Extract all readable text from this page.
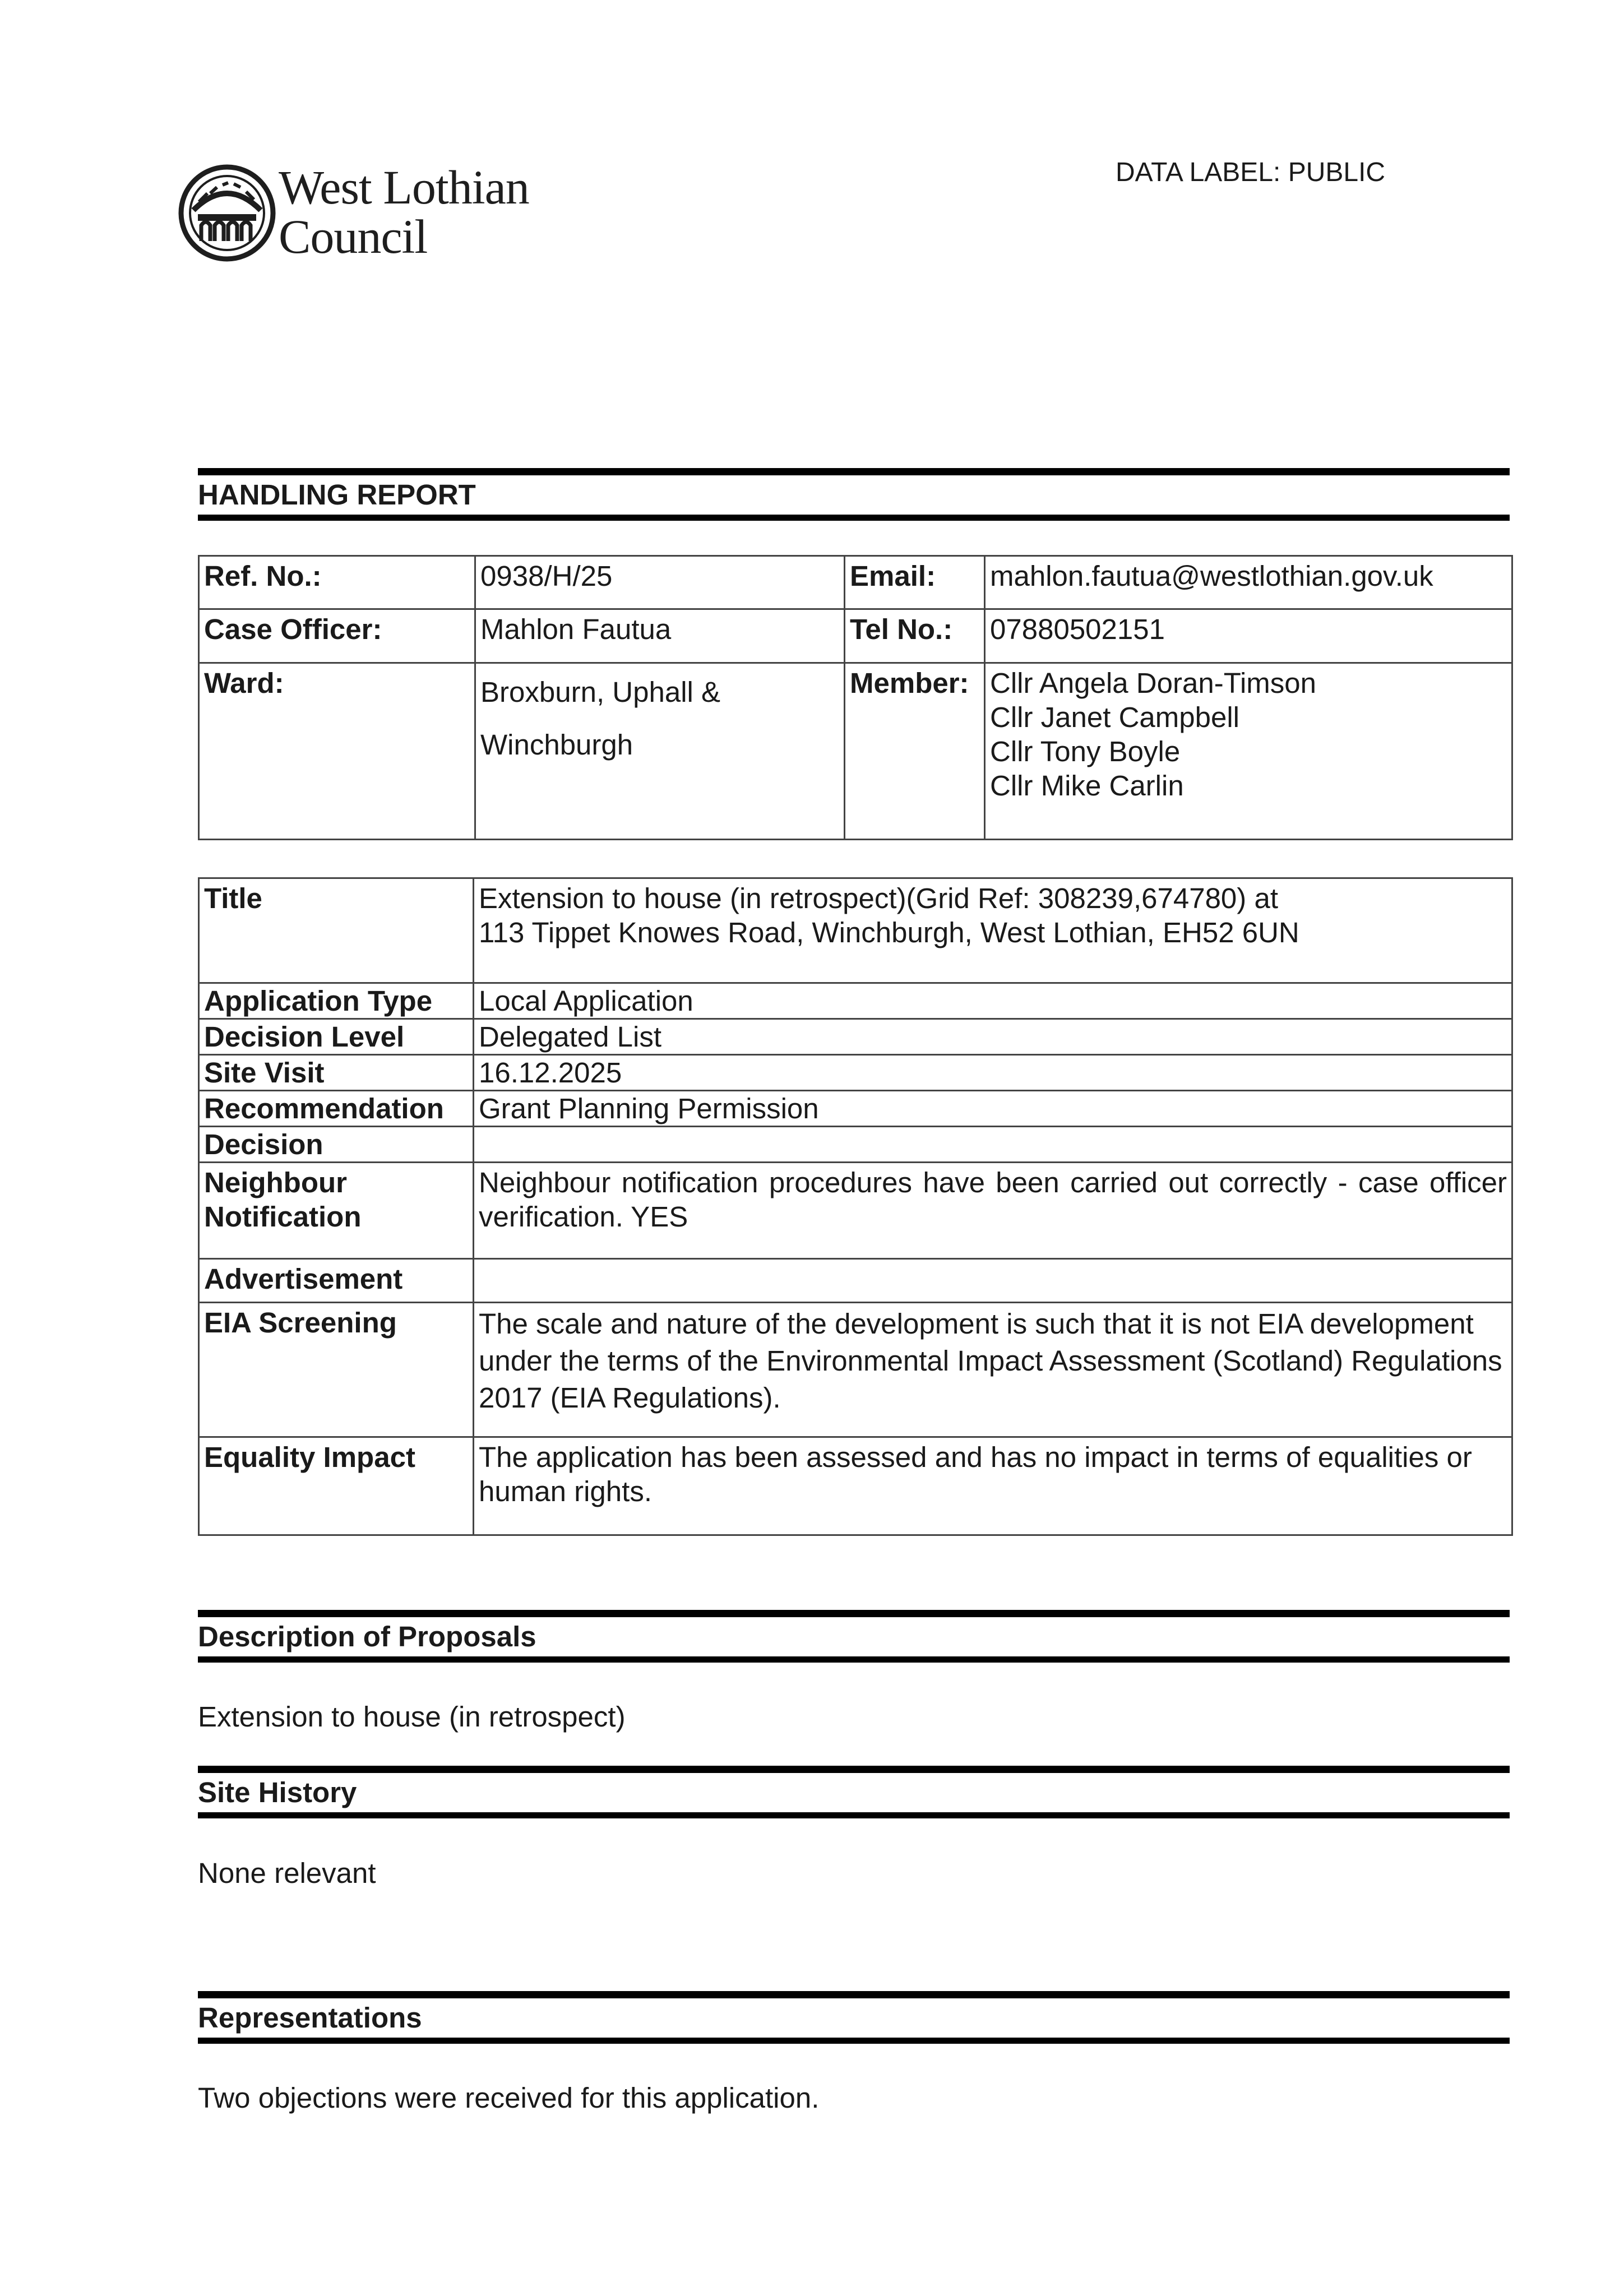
West Lothian
Council
DATA LABEL: PUBLIC
HANDLING REPORT
Ref. No.:	0938/H/25	Email:	mahlon.fautua@westlothian.gov.uk
Case Officer:	Mahlon Fautua	Tel No.:	07880502151
Ward:	Broxburn, Uphall & Winchburgh	Member:	Cllr Angela Doran-Timson
Cllr Janet Campbell
Cllr Tony Boyle
Cllr Mike Carlin
Title	Extension to house (in retrospect)(Grid Ref: 308239,674780) at
113 Tippet Knowes Road, Winchburgh, West Lothian, EH52 6UN
Application Type	Local Application
Decision Level	Delegated List
Site Visit	16.12.2025
Recommendation	Grant Planning Permission
Decision	
Neighbour Notification	Neighbour notification procedures have been carried out correctly - case officer verification. YES
Advertisement	
EIA Screening	The scale and nature of the development is such that it is not EIA development under the terms of the Environmental Impact Assessment (Scotland) Regulations 2017 (EIA Regulations).
Equality Impact	The application has been assessed and has no impact in terms of equalities or human rights.
Description of Proposals
Extension to house (in retrospect)
Site History
None relevant
Representations
Two objections were received for this application.
